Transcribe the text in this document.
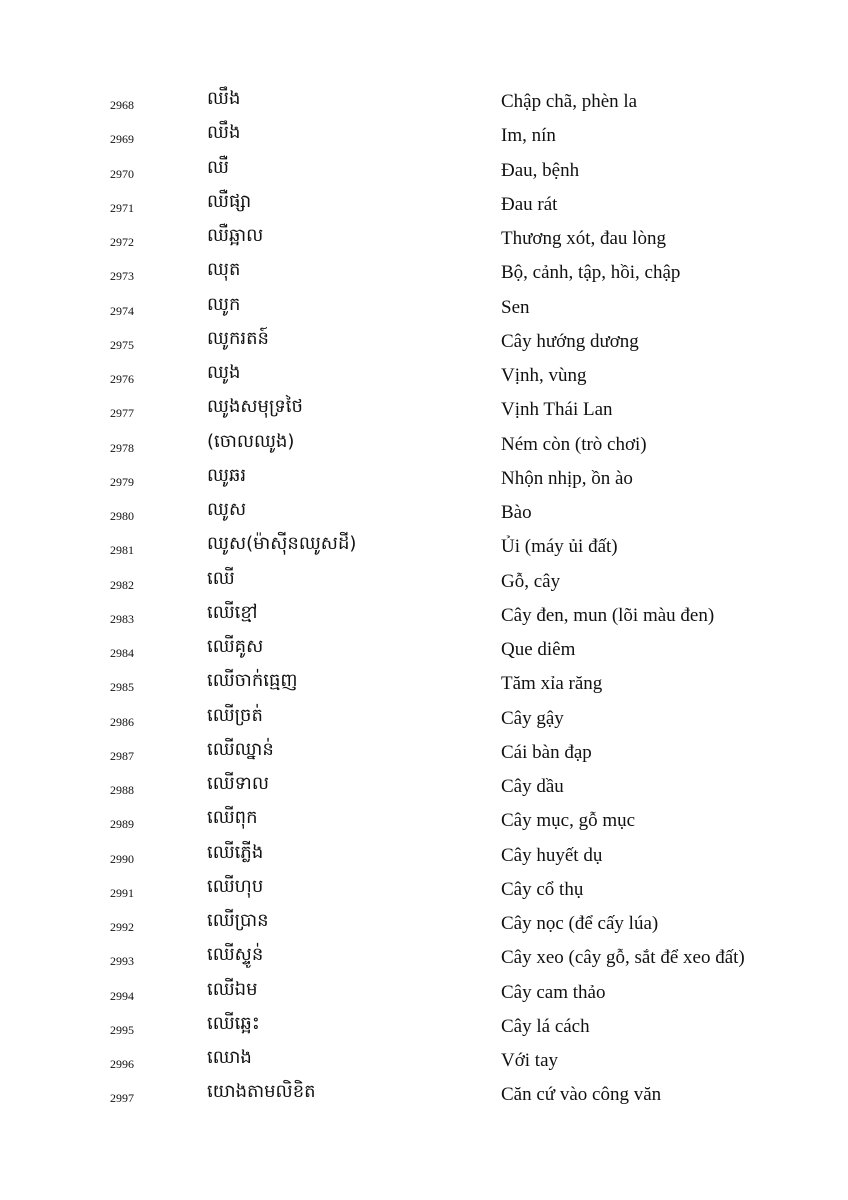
2968	ឈឹង	Chập chã, phèn la
2969	ឈឹង	Im, nín
2970	ឈឺ	Đau, bệnh
2971	ឈឺផ្សា	Đau rát
2972	ឈឺឆ្អាល	Thương xót, đau lòng
2973	ឈុត	Bộ, cảnh, tập, hồi, chập
2974	ឈូក	Sen
2975	ឈូករតន៍	Cây hướng dương
2976	ឈូង	Vịnh, vùng
2977	ឈូងសមុទ្រថៃ	Vịnh Thái Lan
2978	(ចោលឈូង)	Ném còn (trò chơi)
2979	ឈូឆរ	Nhộn nhịp, ồn ào
2980	ឈូស	Bào
2981	ឈូស(ម៉ាស៊ីនឈូសដី)	Ủi (máy ủi đất)
2982	ឈើ	Gỗ, cây
2983	ឈើខ្មៅ	Cây đen, mun (lõi màu đen)
2984	ឈើគូស	Que diêm
2985	ឈើចាក់ធ្មេញ	Tăm xỉa răng
2986	ឈើច្រត់	Cây gậy
2987	ឈើឈ្នាន់	Cái bàn đạp
2988	ឈើទាល	Cây dầu
2989	ឈើពុក	Cây mục, gỗ mục
2990	ឈើភ្លើង	Cây huyết dụ
2991	ឈើហុប	Cây cổ thụ
2992	ឈើប្រាន	Cây nọc (để cấy lúa)
2993	ឈើស្ទូន់	Cây xeo (cây gỗ, sắt để xeo đất)
2994	ឈើឯម	Cây cam thảo
2995	ឈើឆ្អេះ	Cây lá cách
2996	ឈោង	Với tay
2997	យោងតាមលិខិត	Căn cứ vào công văn
